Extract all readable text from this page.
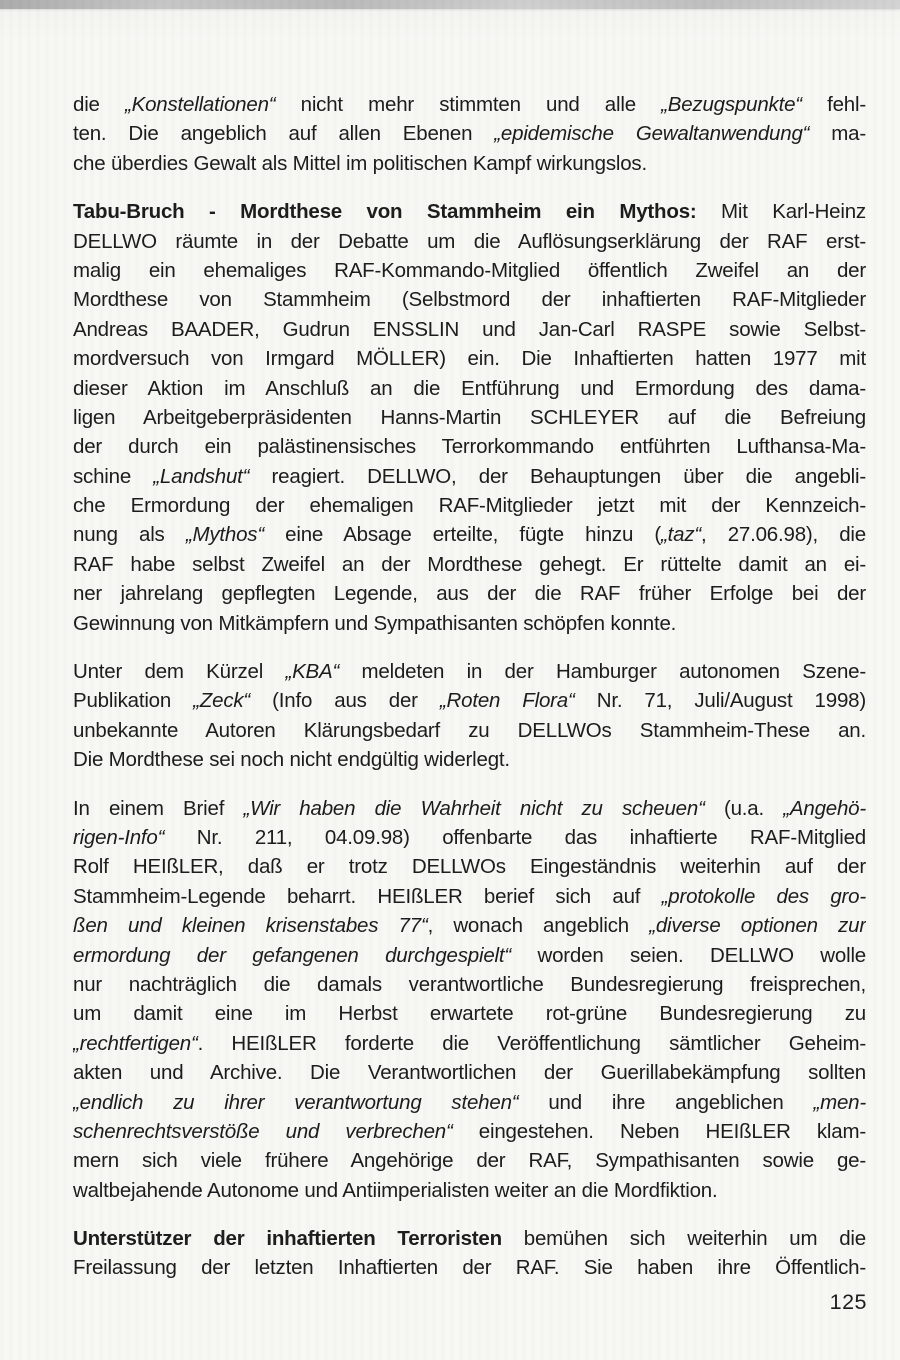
die „Konstellationen“ nicht mehr stimmten und alle „Bezugspunkte“ fehl-
ten. Die angeblich auf allen Ebenen „epidemische Gewaltanwendung“ ma-
che überdies Gewalt als Mittel im politischen Kampf wirkungslos.
Tabu-Bruch - Mordthese von Stammheim ein Mythos: Mit Karl-Heinz
DELLWO räumte in der Debatte um die Auflösungserklärung der RAF erst-
malig ein ehemaliges RAF-Kommando-Mitglied öffentlich Zweifel an der
Mordthese von Stammheim (Selbstmord der inhaftierten RAF-Mitglieder
Andreas BAADER, Gudrun ENSSLIN und Jan-Carl RASPE sowie Selbst-
mordversuch von Irmgard MÖLLER) ein. Die Inhaftierten hatten 1977 mit
dieser Aktion im Anschluß an die Entführung und Ermordung des dama-
ligen Arbeitgeberpräsidenten Hanns-Martin SCHLEYER auf die Befreiung
der durch ein palästinensisches Terrorkommando entführten Lufthansa-Ma-
schine „Landshut“ reagiert. DELLWO, der Behauptungen über die angebli-
che Ermordung der ehemaligen RAF-Mitglieder jetzt mit der Kennzeich-
nung als „Mythos“ eine Absage erteilte, fügte hinzu („taz“, 27.06.98), die
RAF habe selbst Zweifel an der Mordthese gehegt. Er rüttelte damit an ei-
ner jahrelang gepflegten Legende, aus der die RAF früher Erfolge bei der
Gewinnung von Mitkämpfern und Sympathisanten schöpfen konnte.
Unter dem Kürzel „KBA“ meldeten in der Hamburger autonomen Szene-
Publikation „Zeck“ (Info aus der „Roten Flora“ Nr. 71, Juli/August 1998)
unbekannte Autoren Klärungsbedarf zu DELLWOs Stammheim-These an.
Die Mordthese sei noch nicht endgültig widerlegt.
In einem Brief „Wir haben die Wahrheit nicht zu scheuen“ (u.a. „Angehö-
rigen-Info“ Nr. 211, 04.09.98) offenbarte das inhaftierte RAF-Mitglied
Rolf HEIßLER, daß er trotz DELLWOs Eingeständnis weiterhin auf der
Stammheim-Legende beharrt. HEIßLER berief sich auf „protokolle des gro-
ßen und kleinen krisenstabes 77“, wonach angeblich „diverse optionen zur
ermordung der gefangenen durchgespielt“ worden seien. DELLWO wolle
nur nachträglich die damals verantwortliche Bundesregierung freisprechen,
um damit eine im Herbst erwartete rot-grüne Bundesregierung zu
„rechtfertigen“. HEIßLER forderte die Veröffentlichung sämtlicher Geheim-
akten und Archive. Die Verantwortlichen der Guerillabekämpfung sollten
„endlich zu ihrer verantwortung stehen“ und ihre angeblichen „men-
schenrechtsverstöße und verbrechen“ eingestehen. Neben HEIßLER klam-
mern sich viele frühere Angehörige der RAF, Sympathisanten sowie ge-
waltbejahende Autonome und Antiimperialisten weiter an die Mordfiktion.
Unterstützer der inhaftierten Terroristen bemühen sich weiterhin um die
Freilassung der letzten Inhaftierten der RAF. Sie haben ihre Öffentlich-
125
